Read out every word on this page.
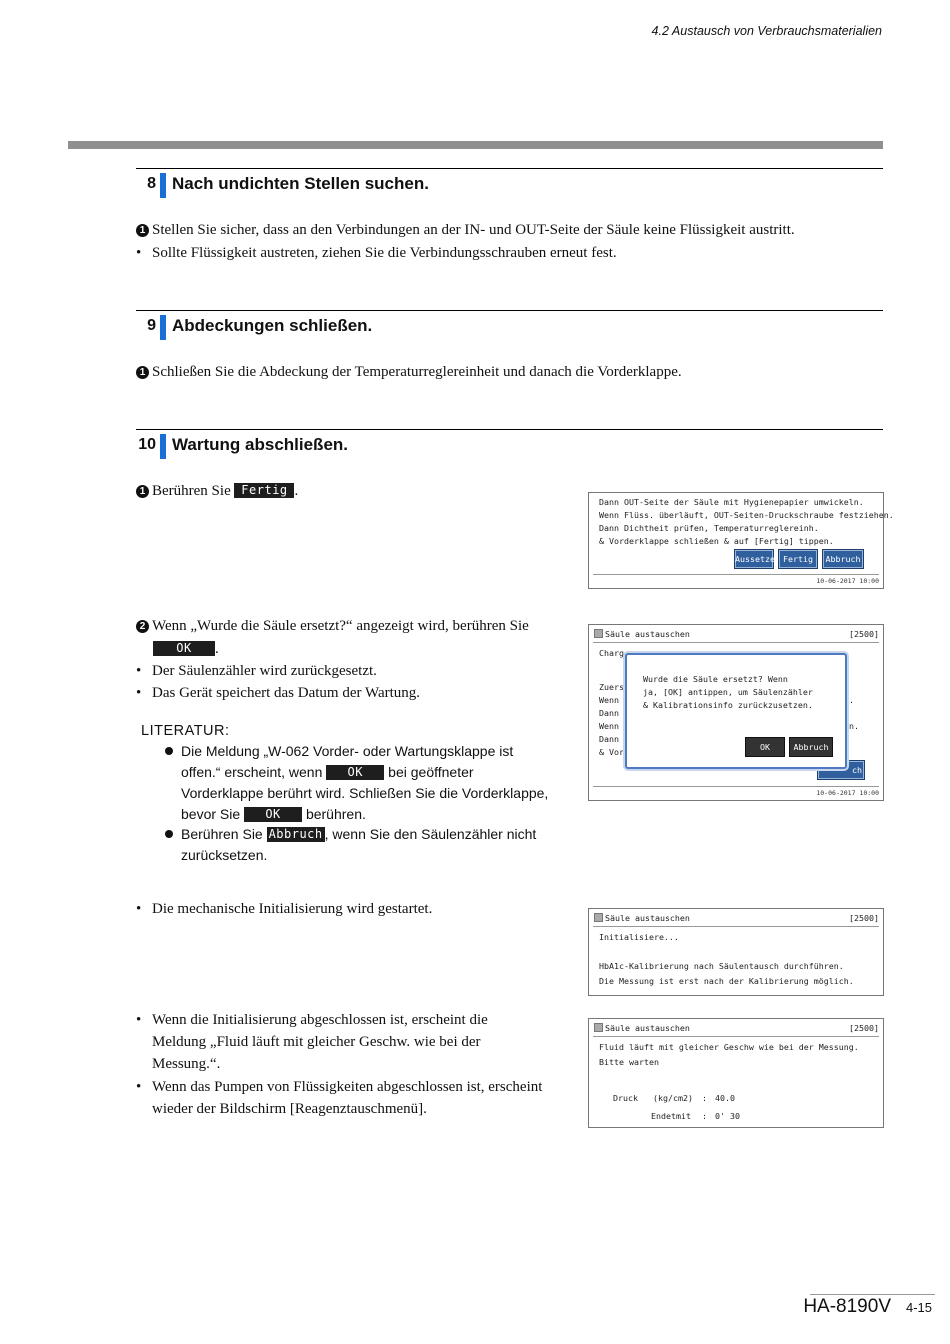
4.2 Austausch von Verbrauchsmaterialien
8 Nach undichten Stellen suchen.
1 Stellen Sie sicher, dass an den Verbindungen an der IN- und OUT-Seite der Säule keine Flüssigkeit austritt.
• Sollte Flüssigkeit austreten, ziehen Sie die Verbindungsschrauben erneut fest.
9 Abdeckungen schließen.
1 Schließen Sie die Abdeckung der Temperaturreglereinheit und danach die Vorderklappe.
10 Wartung abschließen.
1 Berühren Sie Fertig .
2 Wenn „Wurde die Säule ersetzt?“ angezeigt wird, berühren Sie
OK .
• Der Säulenzähler wird zurückgesetzt.
• Das Gerät speichert das Datum der Wartung.
LITERATUR:
Die Meldung „W-062 Vorder- oder Wartungsklappe ist
offen.“ erscheint, wenn OK bei geöffneter
Vorderklappe berührt wird. Schließen Sie die Vorderklappe,
bevor Sie OK berühren.
Berühren Sie Abbruch , wenn Sie den Säulenzähler nicht
zurücksetzen.
• Die mechanische Initialisierung wird gestartet.
• Wenn die Initialisierung abgeschlossen ist, erscheint die
Meldung „Fluid läuft mit gleicher Geschw. wie bei der
Messung.“.
• Wenn das Pumpen von Flüssigkeiten abgeschlossen ist, erscheint
wieder der Bildschirm [Reagenztauschmenü].
Dann OUT-Seite der Säule mit Hygienepapier umwickeln.
Wenn Flüss. überläuft, OUT-Seiten-Druckschraube festziehen.
Dann Dichtheit prüfen, Temperaturreglereinh.
& Vorderklappe schließen & auf [Fertig] tippen.
Aussetze Fertig	Abbruch
10-06-2017 10:00
Säule austauschen	[2500]
Charg
Zuers
Wenn
Dann
Wenn
Dann
& Vor
.
n.
ch
Wurde die Säule ersetzt? Wenn
ja, [OK] antippen, um Säulenzähler
& Kalibrationsinfo zurückzusetzen.
OK	Abbruch
10-06-2017 10:00
Säule austauschen	[2500]
Initialisiere...
HbA1c-Kalibrierung nach Säulentausch durchführen.
Die Messung ist erst nach der Kalibrierung möglich.
Säule austauschen	[2500]
Fluid läuft mit gleicher Geschw wie bei der Messung.
Bitte warten
Druck (kg/cm2) : 40.0
Endetmit : 0' 30
HA-8190V 4-15
